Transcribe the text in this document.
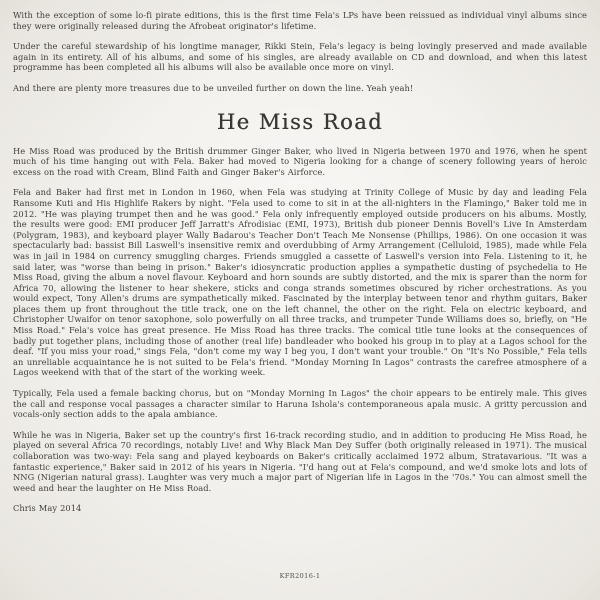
With the exception of some lo-fi pirate editions, this is the first time Fela's LPs have been reissued as individual vinyl albums since they were originally released during the Afrobeat originator's lifetime.

Under the careful stewardship of his longtime manager, Rikki Stein, Fela's legacy is being lovingly preserved and made available again in its entirety. All of his albums, and some of his singles, are already available on CD and download, and when this latest programme has been completed all his albums will also be available once more on vinyl.

And there are plenty more treasures due to be unveiled further on down the line. Yeah yeah!

He Miss Road

He Miss Road was produced by the British drummer Ginger Baker, who lived in Nigeria between 1970 and 1976, when he spent much of his time hanging out with Fela. Baker had moved to Nigeria looking for a change of scenery following years of heroic excess on the road with Cream, Blind Faith and Ginger Baker's Airforce.

Fela and Baker had first met in London in 1960, when Fela was studying at Trinity College of Music by day and leading Fela Ransome Kuti and His Highlife Rakers by night. "Fela used to come to sit in at the all-nighters in the Flamingo," Baker told me in 2012. "He was playing trumpet then and he was good." Fela only infrequently employed outside producers on his albums. Mostly, the results were good: EMI producer Jeff Jarratt's Afrodisiac (EMI, 1973), British dub pioneer Dennis Bovell's Live In Amsterdam (Polygram, 1983), and keyboard player Wally Badarou's Teacher Don't Teach Me Nonsense (Phillips, 1986). On one occasion it was spectacularly bad: bassist Bill Laswell's insensitive remix and overdubbing of Army Arrangement (Celluloid, 1985), made while Fela was in jail in 1984 on currency smuggling charges. Friends smuggled a cassette of Laswell's version into Fela. Listening to it, he said later, was "worse than being in prison." Baker's idiosyncratic production applies a sympathetic dusting of psychedelia to He Miss Road, giving the album a novel flavour. Keyboard and horn sounds are subtly distorted, and the mix is sparer than the norm for Africa 70, allowing the listener to hear shekere, sticks and conga strands sometimes obscured by richer orchestrations. As you would expect, Tony Allen's drums are sympathetically miked. Fascinated by the interplay between tenor and rhythm guitars, Baker places them up front throughout the title track, one on the left channel, the other on the right. Fela on electric keyboard, and Christopher Uwaifor on tenor saxophone, solo powerfully on all three tracks, and trumpeter Tunde Williams does so, briefly, on "He Miss Road." Fela's voice has great presence. He Miss Road has three tracks. The comical title tune looks at the consequences of badly put together plans, including those of another (real life) bandleader who booked his group in to play at a Lagos school for the deaf. "If you miss your road," sings Fela, "don't come my way I beg you, I don't want your trouble." On "It's No Possible," Fela tells an unreliable acquaintance he is not suited to be Fela's friend. "Monday Morning In Lagos" contrasts the carefree atmosphere of a Lagos weekend with that of the start of the working week.

Typically, Fela used a female backing chorus, but on "Monday Morning In Lagos" the choir appears to be entirely male. This gives the call and response vocal passages a character similar to Haruna Ishola's contemporaneous apala music. A gritty percussion and vocals-only section adds to the apala ambiance.

While he was in Nigeria, Baker set up the country's first 16-track recording studio, and in addition to producing He Miss Road, he played on several Africa 70 recordings, notably Live! and Why Black Man Dey Suffer (both originally released in 1971). The musical collaboration was two-way: Fela sang and played keyboards on Baker's critically acclaimed 1972 album, Stratavarious. "It was a fantastic experience," Baker said in 2012 of his years in Nigeria. "I'd hang out at Fela's compound, and we'd smoke lots and lots of NNG (Nigerian natural grass). Laughter was very much a major part of Nigerian life in Lagos in the '70s." You can almost smell the weed and hear the laughter on He Miss Road.

Chris May 2014

KFR2016-1
